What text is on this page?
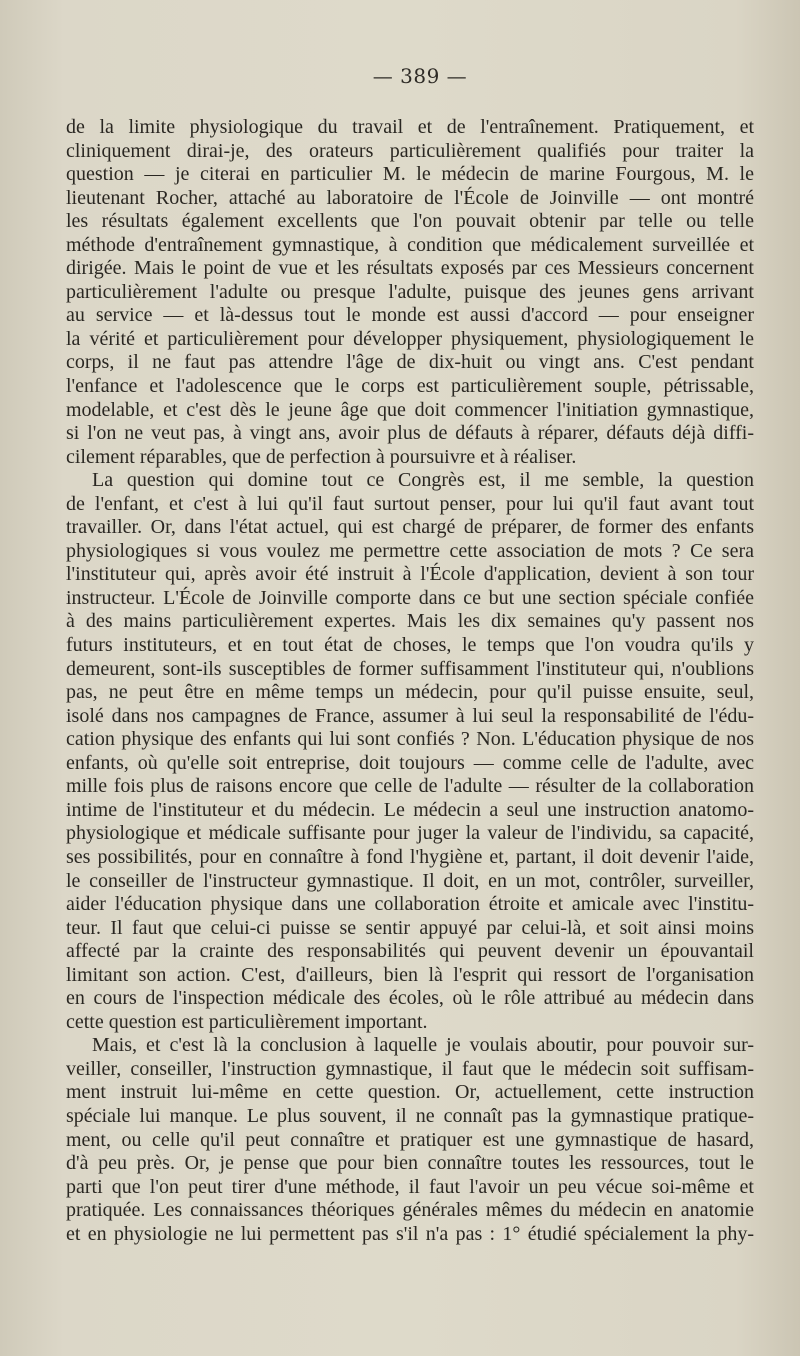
— 389 —
de la limite physiologique du travail et de l'entraînement. Pratiquement, et
cliniquement dirai-je, des orateurs particulièrement qualifiés pour traiter la
question — je citerai en particulier M. le médecin de marine Fourgous, M. le
lieutenant Rocher, attaché au laboratoire de l'École de Joinville — ont montré
les résultats également excellents que l'on pouvait obtenir par telle ou telle
méthode d'entraînement gymnastique, à condition que médicalement surveillée et
dirigée. Mais le point de vue et les résultats exposés par ces Messieurs concernent
particulièrement l'adulte ou presque l'adulte, puisque des jeunes gens arrivant
au service — et là-dessus tout le monde est aussi d'accord — pour enseigner
la vérité et particulièrement pour développer physiquement, physiologiquement le
corps, il ne faut pas attendre l'âge de dix-huit ou vingt ans. C'est pendant
l'enfance et l'adolescence que le corps est particulièrement souple, pétrissable,
modelable, et c'est dès le jeune âge que doit commencer l'initiation gymnastique,
si l'on ne veut pas, à vingt ans, avoir plus de défauts à réparer, défauts déjà diffi-
cilement réparables, que de perfection à poursuivre et à réaliser.
La question qui domine tout ce Congrès est, il me semble, la question
de l'enfant, et c'est à lui qu'il faut surtout penser, pour lui qu'il faut avant tout
travailler. Or, dans l'état actuel, qui est chargé de préparer, de former des enfants
physiologiques si vous voulez me permettre cette association de mots ? Ce sera
l'instituteur qui, après avoir été instruit à l'École d'application, devient à son tour
instructeur. L'École de Joinville comporte dans ce but une section spéciale confiée
à des mains particulièrement expertes. Mais les dix semaines qu'y passent nos
futurs instituteurs, et en tout état de choses, le temps que l'on voudra qu'ils y
demeurent, sont-ils susceptibles de former suffisamment l'instituteur qui, n'oublions
pas, ne peut être en même temps un médecin, pour qu'il puisse ensuite, seul,
isolé dans nos campagnes de France, assumer à lui seul la responsabilité de l'édu-
cation physique des enfants qui lui sont confiés ? Non. L'éducation physique de nos
enfants, où qu'elle soit entreprise, doit toujours — comme celle de l'adulte, avec
mille fois plus de raisons encore que celle de l'adulte — résulter de la collaboration
intime de l'instituteur et du médecin. Le médecin a seul une instruction anatomo-
physiologique et médicale suffisante pour juger la valeur de l'individu, sa capacité,
ses possibilités, pour en connaître à fond l'hygiène et, partant, il doit devenir l'aide,
le conseiller de l'instructeur gymnastique. Il doit, en un mot, contrôler, surveiller,
aider l'éducation physique dans une collaboration étroite et amicale avec l'institu-
teur. Il faut que celui-ci puisse se sentir appuyé par celui-là, et soit ainsi moins
affecté par la crainte des responsabilités qui peuvent devenir un épouvantail
limitant son action. C'est, d'ailleurs, bien là l'esprit qui ressort de l'organisation
en cours de l'inspection médicale des écoles, où le rôle attribué au médecin dans
cette question est particulièrement important.
Mais, et c'est là la conclusion à laquelle je voulais aboutir, pour pouvoir sur-
veiller, conseiller, l'instruction gymnastique, il faut que le médecin soit suffisam-
ment instruit lui-même en cette question. Or, actuellement, cette instruction
spéciale lui manque. Le plus souvent, il ne connaît pas la gymnastique pratique-
ment, ou celle qu'il peut connaître et pratiquer est une gymnastique de hasard,
d'à peu près. Or, je pense que pour bien connaître toutes les ressources, tout le
parti que l'on peut tirer d'une méthode, il faut l'avoir un peu vécue soi-même et
pratiquée. Les connaissances théoriques générales mêmes du médecin en anatomie
et en physiologie ne lui permettent pas s'il n'a pas : 1° étudié spécialement la phy-
